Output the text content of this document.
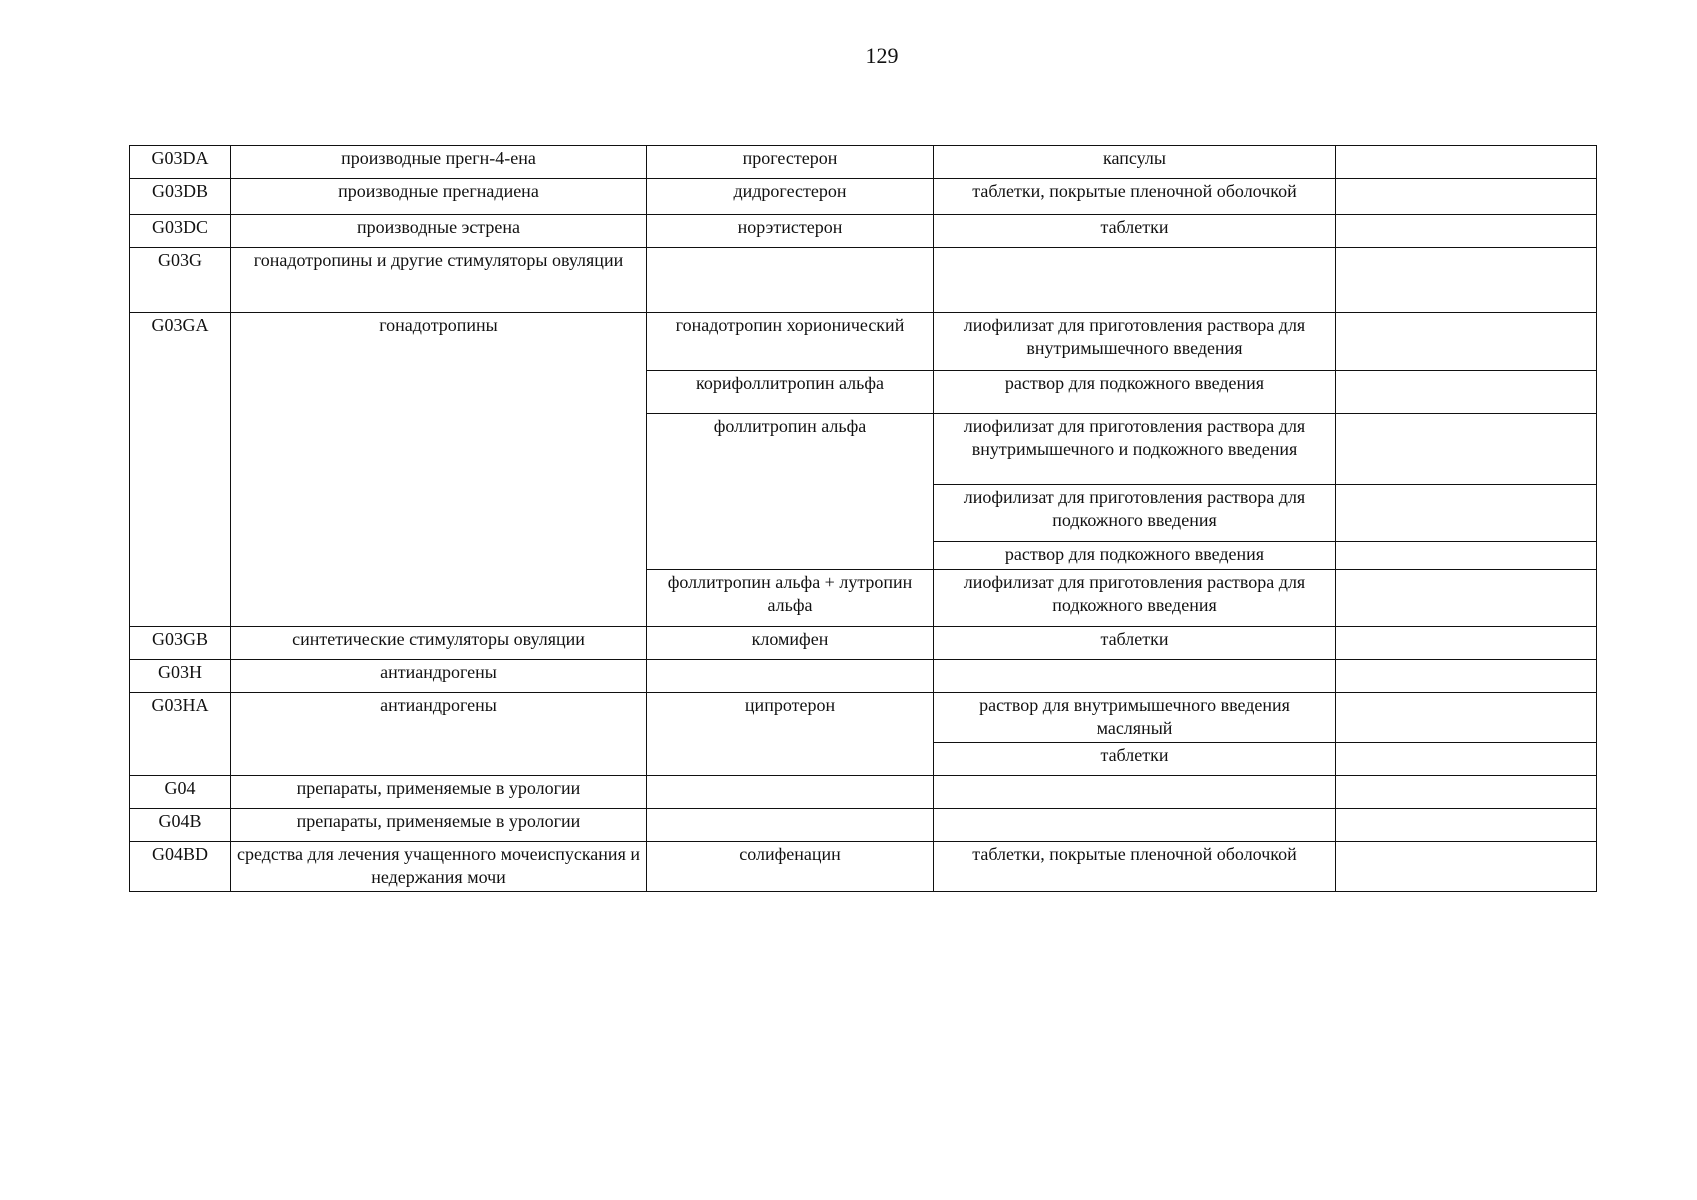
129
G03DA	производные прегн-4-ена	прогестерон	капсулы	
G03DB	производные прегнадиена	дидрогестерон	таблетки, покрытые пленочной оболочкой	
G03DC	производные эстрена	норэтистерон	таблетки	
G03G	гонадотропины и другие стимуляторы овуляции			
G03GA	гонадотропины	гонадотропин хорионический	лиофилизат для приготовления раствора для внутримышечного введения	
		корифоллитропин альфа	раствор для подкожного введения	
		фоллитропин альфа	лиофилизат для приготовления раствора для внутримышечного и подкожного введения	
			лиофилизат для приготовления раствора для подкожного введения	
			раствор для подкожного введения	
		фоллитропин альфа + лутропин альфа	лиофилизат для приготовления раствора для подкожного введения	
G03GB	синтетические стимуляторы овуляции	кломифен	таблетки	
G03H	антиандрогены			
G03HA	антиандрогены	ципротерон	раствор для внутримышечного введения масляный	
			таблетки	
G04	препараты, применяемые в урологии			
G04B	препараты, применяемые в урологии			
G04BD	средства для лечения учащенного мочеиспускания и недержания мочи	солифенацин	таблетки, покрытые пленочной оболочкой	
